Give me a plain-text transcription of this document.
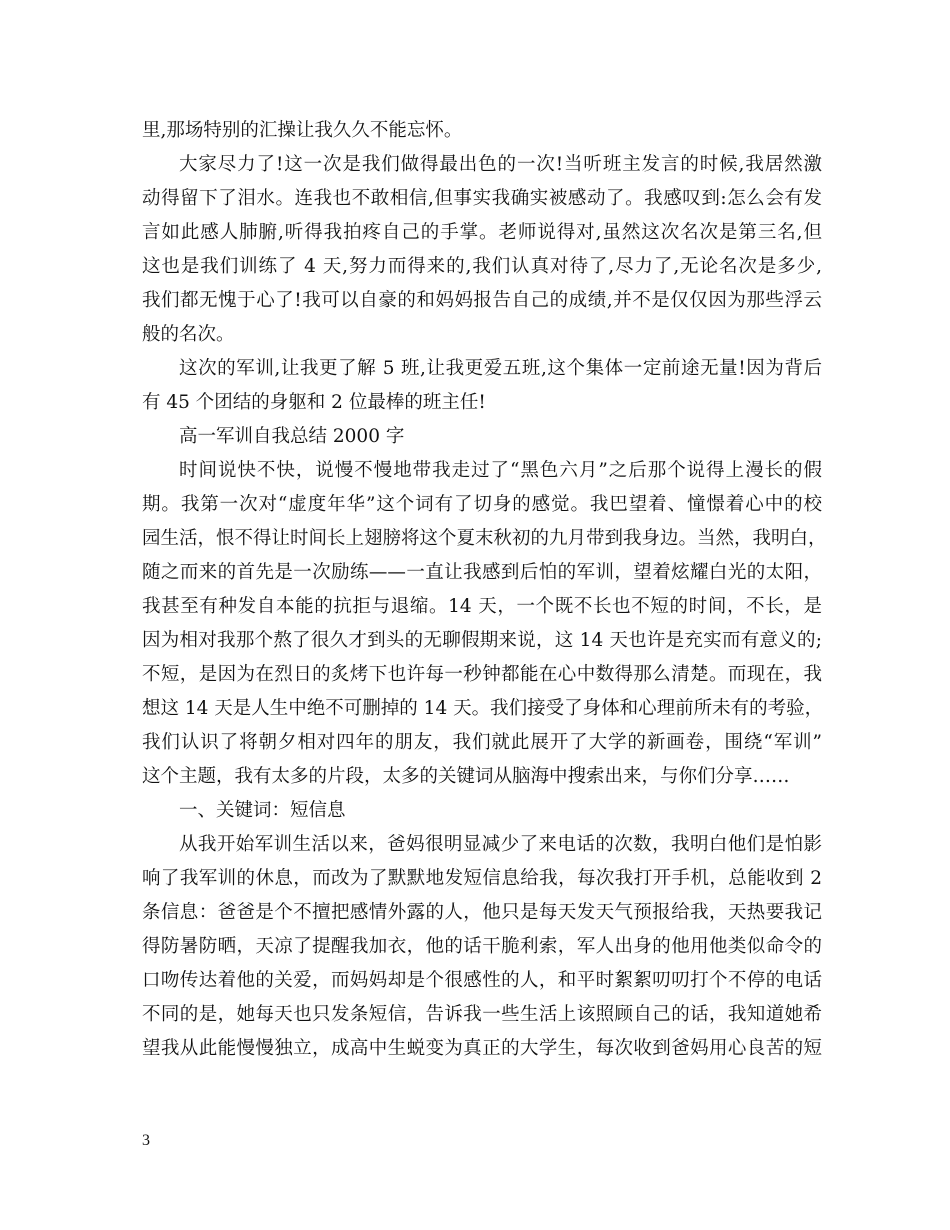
里,那场特别的汇操让我久久不能忘怀。
大家尽力了!这一次是我们做得最出色的一次!当听班主发言的时候,我居然激
动得留下了泪水。连我也不敢相信,但事实我确实被感动了。我感叹到:怎么会有发
言如此感人肺腑,听得我拍疼自己的手掌。老师说得对,虽然这次名次是第三名,但
这也是我们训练了 4 天,努力而得来的,我们认真对待了,尽力了,无论名次是多少,
我们都无愧于心了!我可以自豪的和妈妈报告自己的成绩,并不是仅仅因为那些浮云
般的名次。
这次的军训,让我更了解 5 班,让我更爱五班,这个集体一定前途无量!因为背后
有 45 个团结的身躯和 2 位最棒的班主任!
高一军训自我总结 2000 字
时间说快不快，说慢不慢地带我走过了“黑色六月”之后那个说得上漫长的假
期。我第一次对“虚度年华”这个词有了切身的感觉。我巴望着、憧憬着心中的校
园生活，恨不得让时间长上翅膀将这个夏末秋初的九月带到我身边。当然，我明白，
随之而来的首先是一次励练——一直让我感到后怕的军训，望着炫耀白光的太阳，
我甚至有种发自本能的抗拒与退缩。14 天，一个既不长也不短的时间，不长，是
因为相对我那个熬了很久才到头的无聊假期来说，这 14 天也许是充实而有意义的;
不短，是因为在烈日的炙烤下也许每一秒钟都能在心中数得那么清楚。而现在，我
想这 14 天是人生中绝不可删掉的 14 天。我们接受了身体和心理前所未有的考验，
我们认识了将朝夕相对四年的朋友，我们就此展开了大学的新画卷，围绕“军训”
这个主题，我有太多的片段，太多的关键词从脑海中搜索出来，与你们分享……
一、关键词：短信息
从我开始军训生活以来，爸妈很明显减少了来电话的次数，我明白他们是怕影
响了我军训的休息，而改为了默默地发短信息给我，每次我打开手机，总能收到 2
条信息：爸爸是个不擅把感情外露的人，他只是每天发天气预报给我，天热要我记
得防暑防晒，天凉了提醒我加衣，他的话干脆利索，军人出身的他用他类似命令的
口吻传达着他的关爱，而妈妈却是个很感性的人，和平时絮絮叨叨打个不停的电话
不同的是，她每天也只发条短信，告诉我一些生活上该照顾自己的话，我知道她希
望我从此能慢慢独立，成高中生蜕变为真正的大学生，每次收到爸妈用心良苦的短
3
